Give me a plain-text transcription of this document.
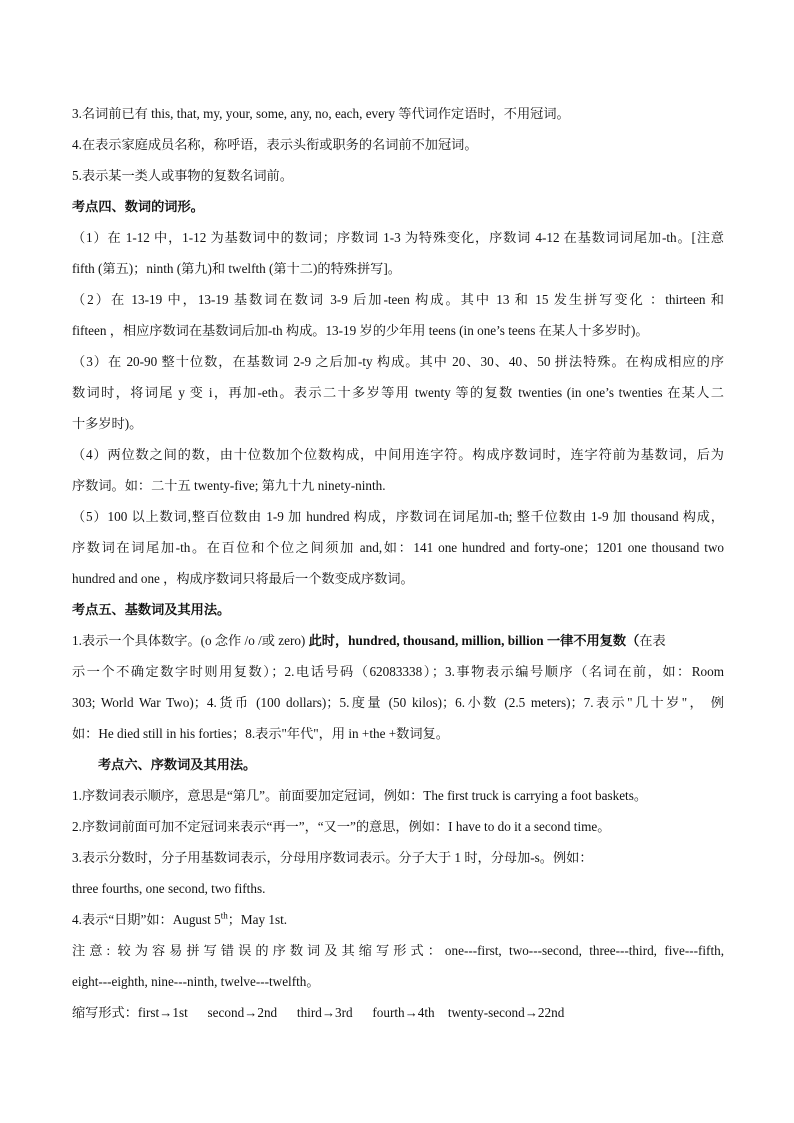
3.名词前已有 this, that, my, your, some, any, no, each, every 等代词作定语时，不用冠词。
4.在表示家庭成员名称，称呼语，表示头衔或职务的名词前不加冠词。
5.表示某一类人或事物的复数名词前。
考点四、数词的词形。
（1）在 1-12 中，1-12 为基数词中的数词；序数词 1-3 为特殊变化，序数词 4-12 在基数词词尾加-th。[注意
fifth (第五)；ninth (第九)和 twelfth (第十二)的特殊拼写]。
（2）在 13-19 中，13-19 基数词在数词 3-9 后加-teen 构成。其中 13 和 15 发生拼写变化 ：thirteen 和
fifteen ，相应序数词在基数词后加-th 构成。13-19 岁的少年用 teens (in one’s teens 在某人十多岁时)。
（3）在 20-90 整十位数，在基数词 2-9 之后加-ty 构成。其中 20、30、40、50 拼法特殊。在构成相应的序
数词时，将词尾 y 变 i，再加-eth。表示二十多岁等用 twenty 等的复数 twenties (in one’s twenties 在某人二
十多岁时)。
（4）两位数之间的数，由十位数加个位数构成，中间用连字符。构成序数词时，连字符前为基数词，后为
序数词。如：二十五 twenty-five; 第九十九 ninety-ninth.
（5）100 以上数词,整百位数由 1-9 加 hundred 构成，序数词在词尾加-th; 整千位数由 1-9 加 thousand 构成，
序数词在词尾加-th。在百位和个位之间须加 and,如：141 one hundred and forty-one；1201 one thousand two
hundred and one ，构成序数词只将最后一个数变成序数词。
考点五、基数词及其用法。
1.表示一个具体数字。(o 念作 /o /或 zero) 此时，hundred, thousand, million, billion 一律不用复数（在表
示一个不确定数字时则用复数）；2.电话号码（62083338）；3.事物表示编号顺序（名词在前，如：Room
303; World War Two)；4.货币 (100 dollars)；5.度量 (50 kilos)；6.小数 (2.5 meters)；7.表示"几十岁"， 例
如：He died still in his forties；8.表示"年代"，用 in +the +数词复。
考点六、序数词及其用法。
1.序数词表示顺序，意思是“第几”。前面要加定冠词，例如：The first truck is carrying a foot baskets。
2.序数词前面可加不定冠词来表示“再一”，“又一”的意思，例如：I have to do it a second time。
3.表示分数时，分子用基数词表示，分母用序数词表示。分子大于 1 时，分母加-s。例如：
three fourths, one second, two fifths.
4.表示“日期”如：August 5th；May 1st.
注意: 较为容易拼写错误的序数词及其缩写形式：one---first, two---second, three---third, five---fifth,
eight---eighth, nine---ninth, twelve---twelfth。
缩写形式：first→1st      second→2nd      third→3rd      fourth→4th    twenty-second→22nd
